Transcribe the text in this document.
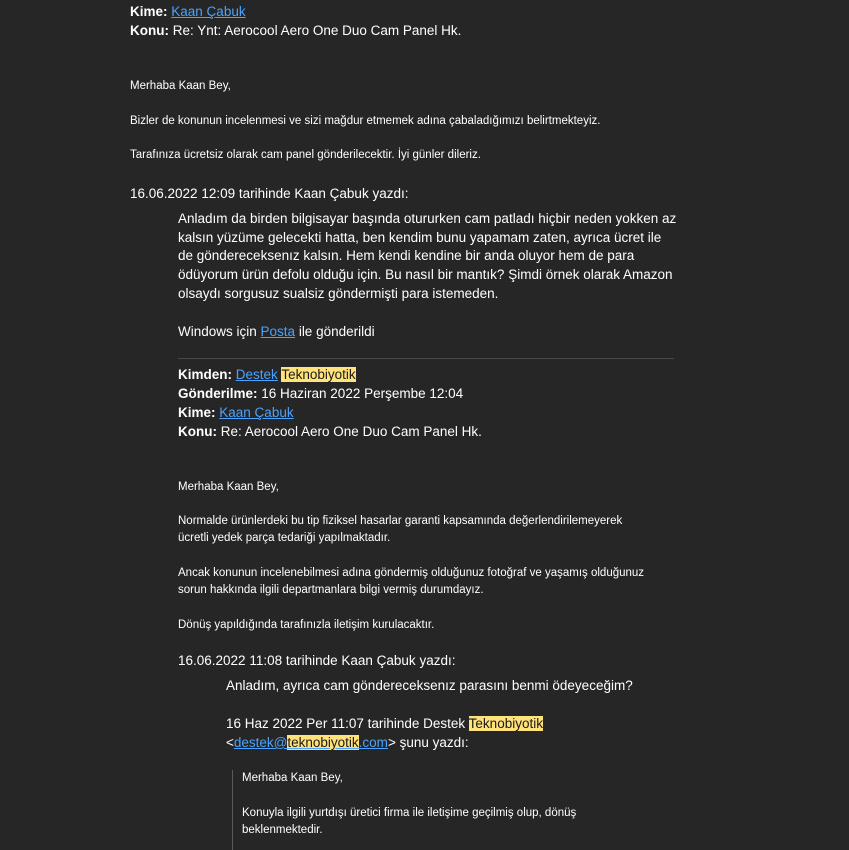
Kime: Kaan Çabuk
Konu: Re: Ynt: Aerocool Aero One Duo Cam Panel Hk.
Merhaba Kaan Bey,
Bizler de konunun incelenmesi ve sizi mağdur etmemek adına çabaladığımızı belirtmekteyiz.
Tarafınıza ücretsiz olarak cam panel gönderilecektir. İyi günler dileriz.
16.06.2022 12:09 tarihinde Kaan Çabuk yazdı:
Anladım da birden bilgisayar başında otururken cam patladı hiçbir neden yokken az
kalsın yüzüme gelecekti hatta, ben kendim bunu yapamam zaten, ayrıca ücret ile
de göndereceksenız kalsın. Hem kendi kendine bir anda oluyor hem de para
ödüyorum ürün defolu olduğu için. Bu nasıl bir mantık? Şimdi örnek olarak Amazon
olsaydı sorgusuz sualsiz göndermişti para istemeden.
Windows için Posta ile gönderildi
Kimden: Destek Teknobiyotik
Gönderilme: 16 Haziran 2022 Perşembe 12:04
Kime: Kaan Çabuk
Konu: Re: Aerocool Aero One Duo Cam Panel Hk.
Merhaba Kaan Bey,
Normalde ürünlerdeki bu tip fiziksel hasarlar garanti kapsamında değerlendirilemeyerek
ücretli yedek parça tedariği yapılmaktadır.
Ancak konunun incelenebilmesi adına göndermiş olduğunuz fotoğraf ve yaşamış olduğunuz
sorun hakkında ilgili departmanlara bilgi vermiş durumdayız.
Dönüş yapıldığında tarafınızla iletişim kurulacaktır.
16.06.2022 11:08 tarihinde Kaan Çabuk yazdı:
Anladım, ayrıca cam göndereceksenız parasını benmi ödeyeceğim?
16 Haz 2022 Per 11:07 tarihinde Destek Teknobiyotik
<destek@teknobiyotik.com> şunu yazdı:
Merhaba Kaan Bey,
Konuyla ilgili yurtdışı üretici firma ile iletişime geçilmiş olup, dönüş
beklenmektedir.
